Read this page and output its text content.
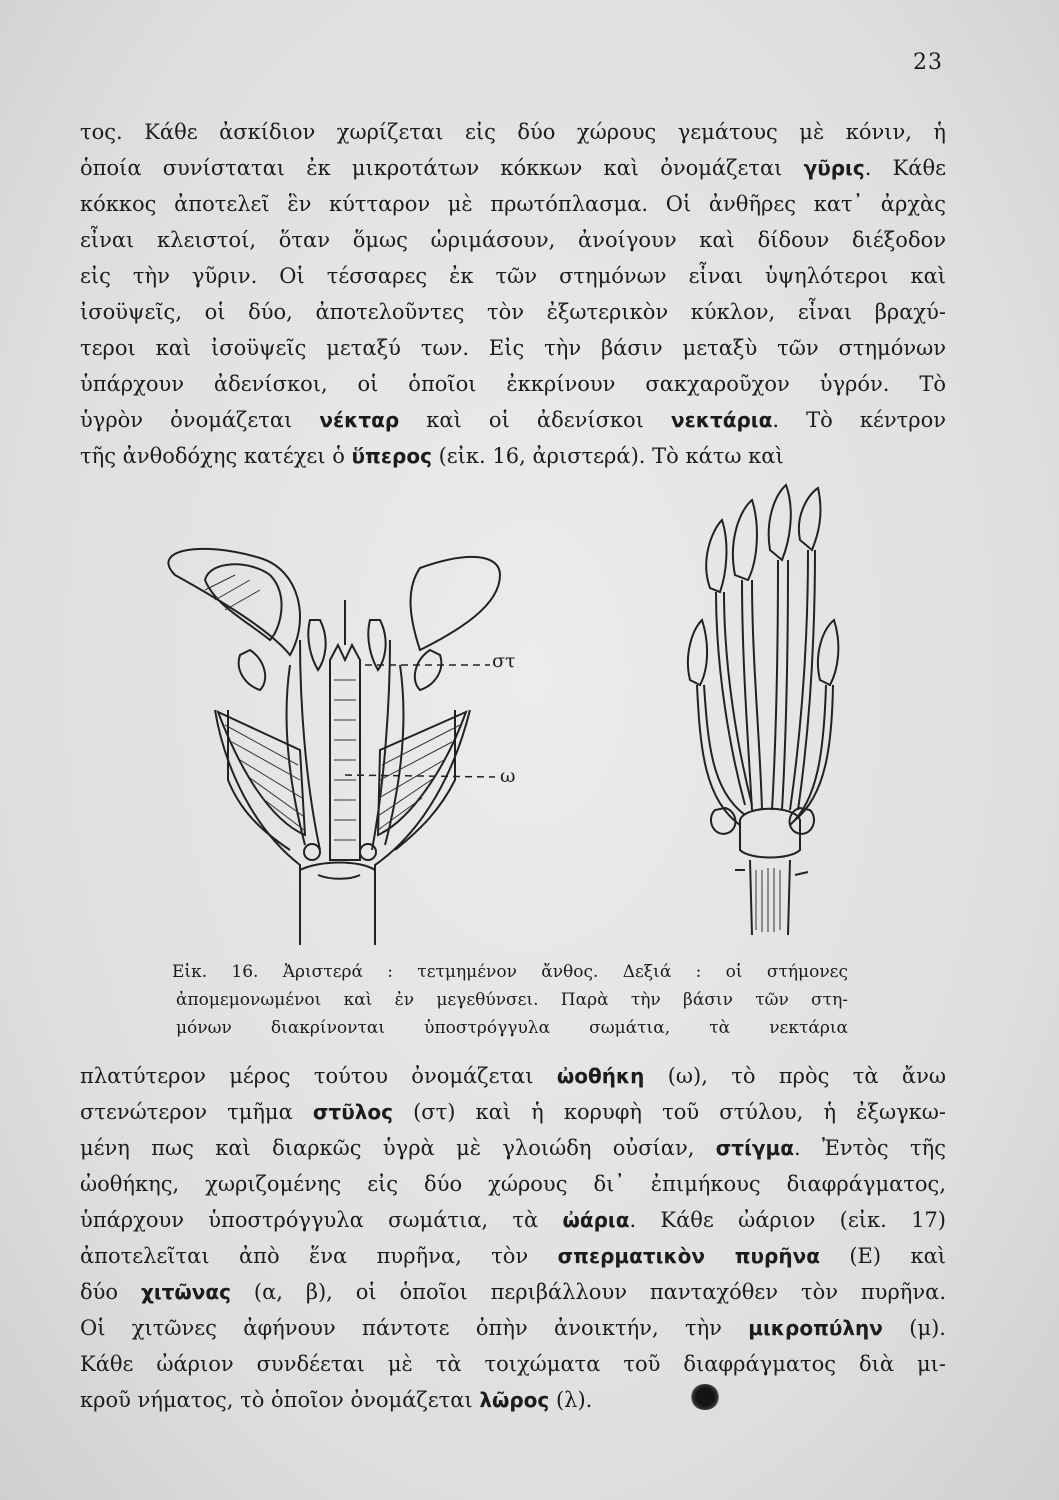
23
τος. Κάθε ἀσκίδιον χωρίζεται εἰς δύο χώρους γεμάτους μὲ κόνιν, ἡ
ὁποία συνίσταται ἐκ μικροτάτων κόκκων καὶ ὀνομάζεται γῦρις. Κάθε
κόκκος ἀποτελεῖ ἓν κύτταρον μὲ πρωτόπλασμα. Οἱ ἀνθῆρες κατ᾿ ἀρχὰς
εἶναι κλειστοί, ὅταν ὅμως ὡριμάσουν, ἀνοίγουν καὶ δίδουν διέξοδον
εἰς τὴν γῦριν. Οἱ τέσσαρες ἐκ τῶν στημόνων εἶναι ὑψηλότεροι καὶ
ἰσοϋψεῖς, οἱ δύο, ἀποτελοῦντες τὸν ἐξωτερικὸν κύκλον, εἶναι βραχύ-
τεροι καὶ ἰσοϋψεῖς μεταξύ των. Εἰς τὴν βάσιν μεταξὺ τῶν στημόνων
ὑπάρχουν ἀδενίσκοι, οἱ ὁποῖοι ἐκκρίνουν σακχαροῦχον ὑγρόν. Τὸ
ὑγρὸν ὀνομάζεται νέκταρ καὶ οἱ ἀδενίσκοι νεκτάρια. Τὸ κέντρον
τῆς ἀνθοδόχης κατέχει ὁ ὕπερος (εἰκ. 16, ἀριστερά). Τὸ κάτω καὶ
στ
ω
Εἰκ. 16. Ἀριστερά : τετμημένον ἄνθος. Δεξιά : οἱ στήμονες
ἀπομεμονωμένοι καὶ ἐν μεγεθύνσει. Παρὰ τὴν βάσιν τῶν στη-
μόνων διακρίνονται ὑποστρόγγυλα σωμάτια, τὰ νεκτάρια
πλατύτερον μέρος τούτου ὀνομάζεται ὠοθήκη (ω), τὸ πρὸς τὰ ἄνω
στενώτερον τμῆμα στῦλος (στ) καὶ ἡ κορυφὴ τοῦ στύλου, ἡ ἐξωγκω-
μένη πως καὶ διαρκῶς ὑγρὰ μὲ γλοιώδη οὐσίαν, στίγμα. Ἐντὸς τῆς
ὠοθήκης, χωριζομένης εἰς δύο χώρους δι᾿ ἐπιμήκους διαφράγματος,
ὑπάρχουν ὑποστρόγγυλα σωμάτια, τὰ ὠάρια. Κάθε ὠάριον (εἰκ. 17)
ἀποτελεῖται ἀπὸ ἕνα πυρῆνα, τὸν σπερματικὸν πυρῆνα (Ε) καὶ
δύο χιτῶνας (α, β), οἱ ὁποῖοι περιβάλλουν πανταχόθεν τὸν πυρῆνα.
Οἱ χιτῶνες ἀφήνουν πάντοτε ὀπὴν ἀνοικτήν, τὴν μικροπύλην (μ).
Κάθε ὠάριον συνδέεται μὲ τὰ τοιχώματα τοῦ διαφράγματος διὰ μι-
κροῦ νήματος, τὸ ὁποῖον ὀνομάζεται λῶρος (λ).
